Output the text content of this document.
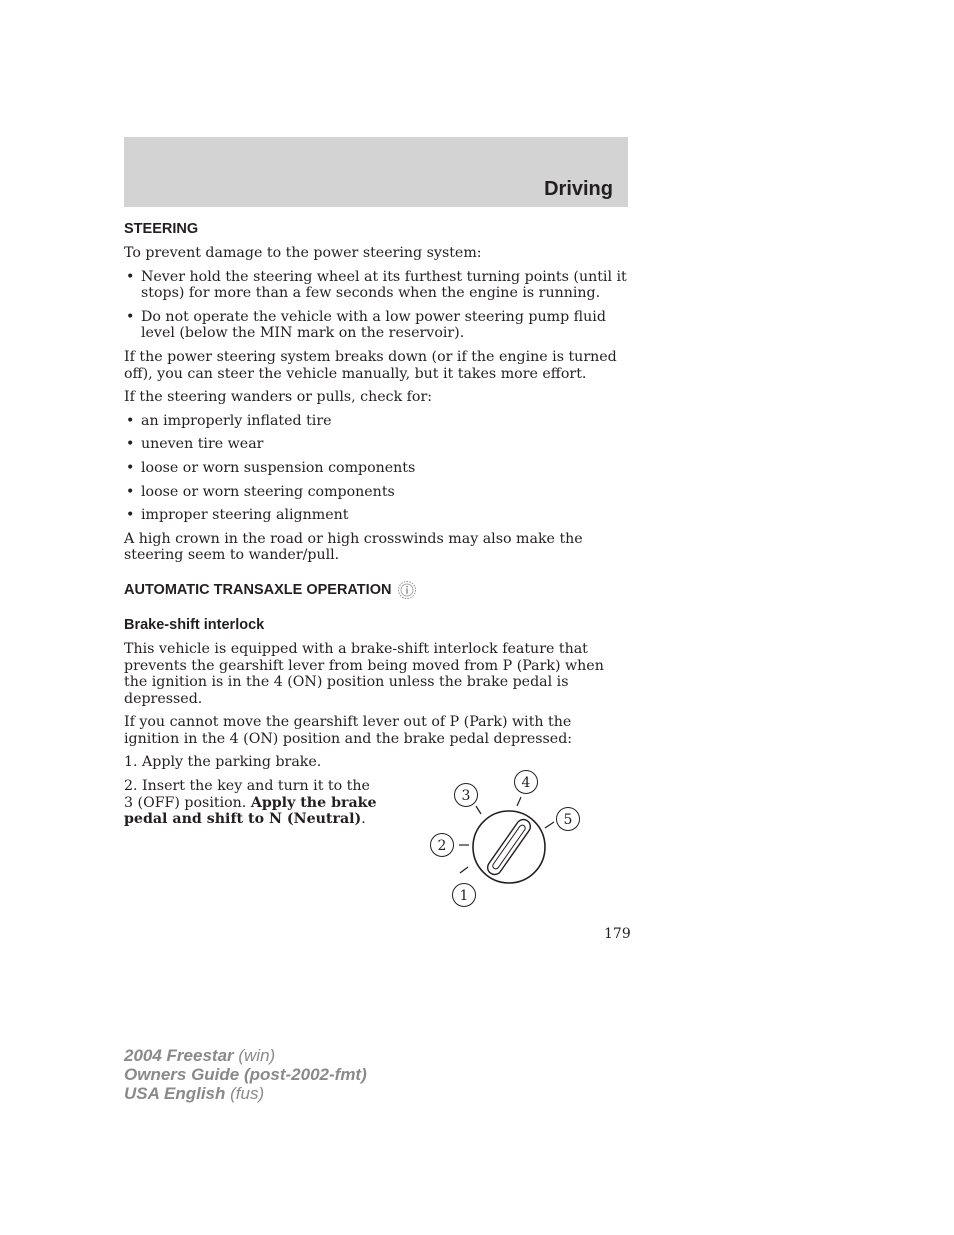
Driving
STEERING

To prevent damage to the power steering system:

• Never hold the steering wheel at its furthest turning points (until it stops) for more than a few seconds when the engine is running.
• Do not operate the vehicle with a low power steering pump fluid level (below the MIN mark on the reservoir).

If the power steering system breaks down (or if the engine is turned off), you can steer the vehicle manually, but it takes more effort.

If the steering wanders or pulls, check for:

• an improperly inflated tire
• uneven tire wear
• loose or worn suspension components
• loose or worn steering components
• improper steering alignment

A high crown in the road or high crosswinds may also make the steering seem to wander/pull.

AUTOMATIC TRANSAXLE OPERATION
Brake-shift interlock

This vehicle is equipped with a brake-shift interlock feature that prevents the gearshift lever from being moved from P (Park) when the ignition is in the 4 (ON) position unless the brake pedal is depressed.

If you cannot move the gearshift lever out of P (Park) with the ignition in the 4 (ON) position and the brake pedal depressed:

1. Apply the parking brake.

2. Insert the key and turn it to the 3 (OFF) position. Apply the brake pedal and shift to N (Neutral).

1
2
3
4
5
179
2004 Freestar (win)
Owners Guide (post-2002-fmt)
USA English (fus)
